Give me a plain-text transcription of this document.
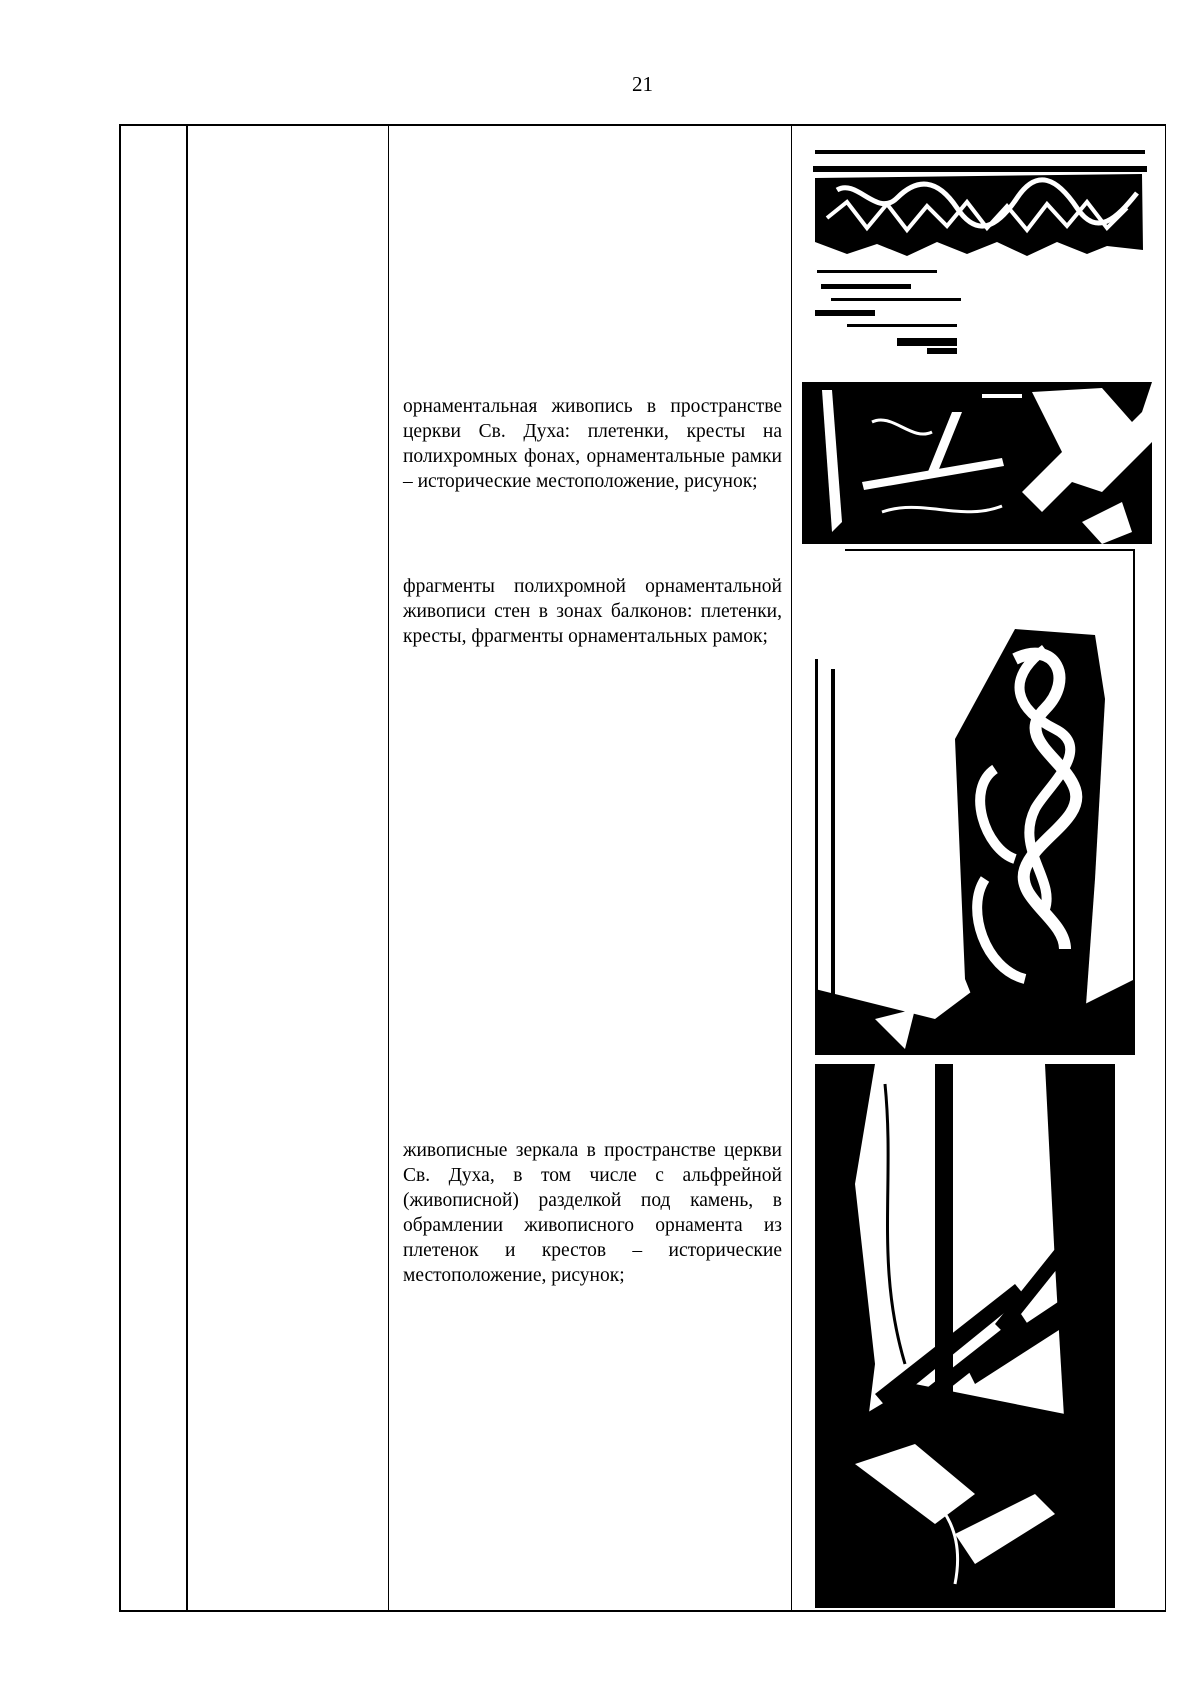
21
орнаментальная живопись в пространстве церкви Св. Духа: плетенки, кресты на полихромных фонах, орнаментальные рамки – исторические местоположение, рисунок;
фрагменты полихромной орнаментальной живописи стен в зонах балконов: плетенки, кресты, фрагменты орнаментальных рамок;
живописные зеркала в пространстве церкви Св. Духа, в том числе с альфрейной (живописной) разделкой под камень, в обрамлении живописного орнамента из плетенок и крестов – исторические местоположение, рисунок;
